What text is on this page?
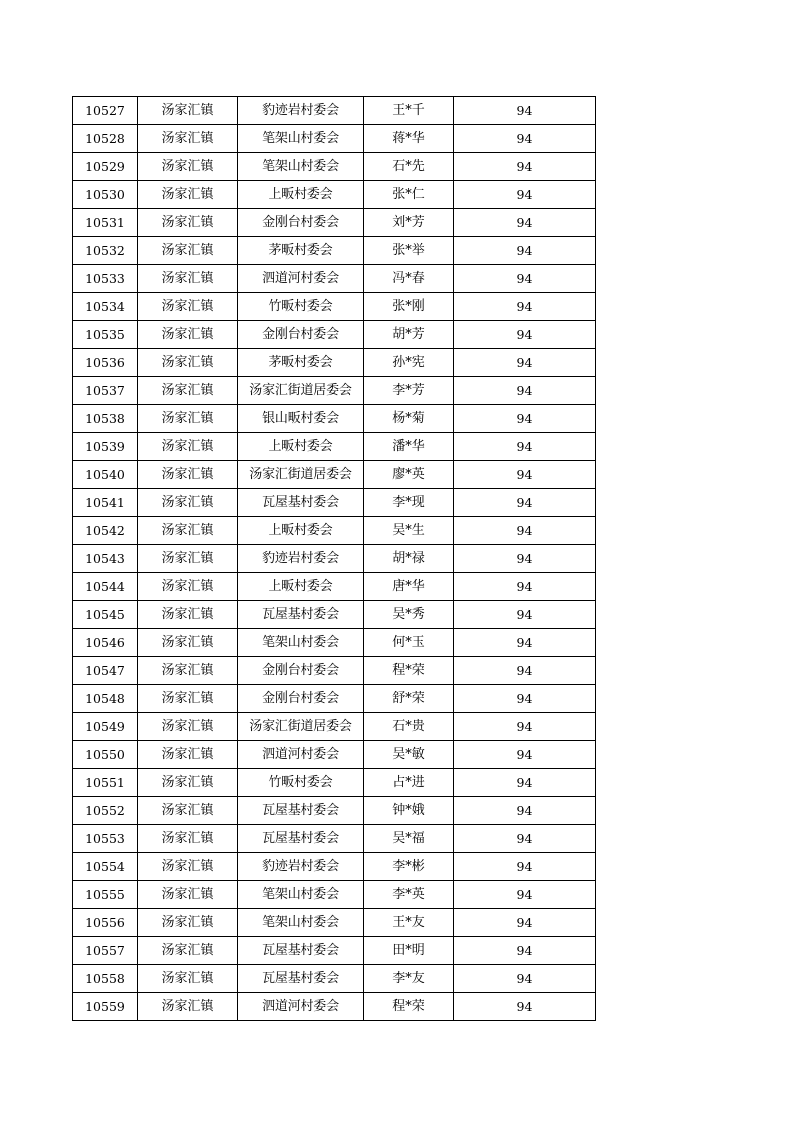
10527	汤家汇镇	豹迹岩村委会	王*千	94
10528	汤家汇镇	笔架山村委会	蒋*华	94
10529	汤家汇镇	笔架山村委会	石*先	94
10530	汤家汇镇	上畈村委会	张*仁	94
10531	汤家汇镇	金刚台村委会	刘*芳	94
10532	汤家汇镇	茅畈村委会	张*举	94
10533	汤家汇镇	泗道河村委会	冯*春	94
10534	汤家汇镇	竹畈村委会	张*刚	94
10535	汤家汇镇	金刚台村委会	胡*芳	94
10536	汤家汇镇	茅畈村委会	孙*宪	94
10537	汤家汇镇	汤家汇街道居委会	李*芳	94
10538	汤家汇镇	银山畈村委会	杨*菊	94
10539	汤家汇镇	上畈村委会	潘*华	94
10540	汤家汇镇	汤家汇街道居委会	廖*英	94
10541	汤家汇镇	瓦屋基村委会	李*现	94
10542	汤家汇镇	上畈村委会	吴*生	94
10543	汤家汇镇	豹迹岩村委会	胡*禄	94
10544	汤家汇镇	上畈村委会	唐*华	94
10545	汤家汇镇	瓦屋基村委会	吴*秀	94
10546	汤家汇镇	笔架山村委会	何*玉	94
10547	汤家汇镇	金刚台村委会	程*荣	94
10548	汤家汇镇	金刚台村委会	舒*荣	94
10549	汤家汇镇	汤家汇街道居委会	石*贵	94
10550	汤家汇镇	泗道河村委会	吴*敏	94
10551	汤家汇镇	竹畈村委会	占*进	94
10552	汤家汇镇	瓦屋基村委会	钟*娥	94
10553	汤家汇镇	瓦屋基村委会	吴*福	94
10554	汤家汇镇	豹迹岩村委会	李*彬	94
10555	汤家汇镇	笔架山村委会	李*英	94
10556	汤家汇镇	笔架山村委会	王*友	94
10557	汤家汇镇	瓦屋基村委会	田*明	94
10558	汤家汇镇	瓦屋基村委会	李*友	94
10559	汤家汇镇	泗道河村委会	程*荣	94
